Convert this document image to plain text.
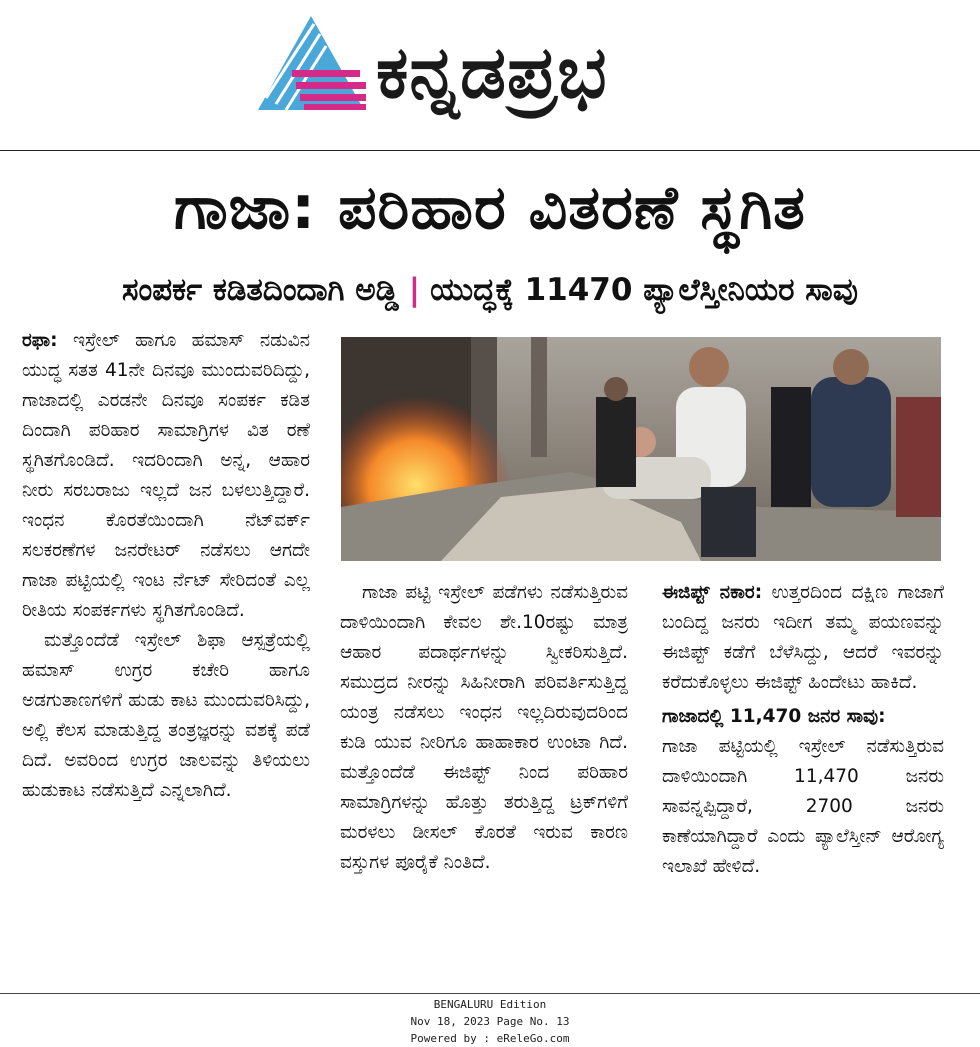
ಕನ್ನಡಪ್ರಭ
ಗಾಜಾ: ಪರಿಹಾರ ವಿತರಣೆ ಸ್ಥಗಿತ
ಸಂಪರ್ಕ ಕಡಿತದಿಂದಾಗಿ ಅಡ್ಡಿ | ಯುದ್ಧಕ್ಕೆ 11470 ಪ್ಯಾಲೆಸ್ತೀನಿಯರ ಸಾವು

ರಫಾ: ಇಸ್ರೇಲ್ ಹಾಗೂ ಹಮಾಸ್ ನಡುವಿನ ಯುದ್ಧ ಸತತ 41ನೇ ದಿನವೂ ಮುಂದುವರಿದಿದ್ದು, ಗಾಜಾದಲ್ಲಿ ಎರಡನೇ ದಿನವೂ ಸಂಪರ್ಕ ಕಡಿತ ದಿಂದಾಗಿ ಪರಿಹಾರ ಸಾಮಾಗ್ರಿಗಳ ವಿತ ರಣೆ ಸ್ಥಗಿತಗೊಂಡಿದೆ. ಇದರಿಂದಾಗಿ ಅನ್ನ, ಆಹಾರ ನೀರು ಸರಬರಾಜು ಇಲ್ಲದೆ ಜನ ಬಳಲುತ್ತಿದ್ದಾರೆ. ಇಂಧನ ಕೊರತೆಯಿಂದಾಗಿ ನೆಟ್‌ವರ್ಕ್ ಸಲಕರಣೆಗಳ ಜನರೇಟರ್ ನಡೆಸಲು ಆಗದೇ ಗಾಜಾ ಪಟ್ಟಿಯಲ್ಲಿ ಇಂಟ ರ್ನೆಟ್ ಸೇರಿದಂತೆ ಎಲ್ಲ ರೀತಿಯ ಸಂಪರ್ಕಗಳು ಸ್ಥಗಿತಗೊಂಡಿದೆ.

ಮತ್ತೊಂದೆಡೆ ಇಸ್ರೇಲ್ ಶಿಫಾ ಆಸ್ಪತ್ರೆಯಲ್ಲಿ ಹಮಾಸ್ ಉಗ್ರರ ಕಚೇರಿ ಹಾಗೂ ಅಡಗುತಾಣಗಳಿಗೆ ಹುಡು ಕಾಟ ಮುಂದುವರಿಸಿದ್ದು, ಅಲ್ಲಿ ಕೆಲಸ ಮಾಡುತ್ತಿದ್ದ ತಂತ್ರಜ್ಞರನ್ನು ವಶಕ್ಕೆ ಪಡೆ ದಿದೆ. ಅವರಿಂದ ಉಗ್ರರ ಜಾಲವನ್ನು ತಿಳಿಯಲು ಹುಡುಕಾಟ ನಡೆಸುತ್ತಿದೆ ಎನ್ನಲಾಗಿದೆ.

ಗಾಜಾ ಪಟ್ಟಿ ಇಸ್ರೇಲ್ ಪಡೆಗಳು ನಡೆಸುತ್ತಿರುವ ದಾಳಿಯಿಂದಾಗಿ ಕೇವಲ ಶೇ.10ರಷ್ಟು ಮಾತ್ರ ಆಹಾರ ಪದಾರ್ಥಗಳನ್ನು ಸ್ವೀಕರಿಸುತ್ತಿದೆ. ಸಮುದ್ರದ ನೀರನ್ನು ಸಿಹಿನೀರಾಗಿ ಪರಿವರ್ತಿಸುತ್ತಿದ್ದ ಯಂತ್ರ ನಡೆಸಲು ಇಂಧನ ಇಲ್ಲದಿರುವುದರಿಂದ ಕುಡಿ ಯುವ ನೀರಿಗೂ ಹಾಹಾಕಾರ ಉಂಟಾ ಗಿದೆ. ಮತ್ತೊಂದೆಡೆ ಈಜಿಪ್ಟ್ ನಿಂದ ಪರಿಹಾರ ಸಾಮಾಗ್ರಿಗಳನ್ನು ಹೊತ್ತು ತರುತ್ತಿದ್ದ ಟ್ರಕ್‌ಗಳಿಗೆ ಮರಳಲು ಡೀಸಲ್ ಕೊರತೆ ಇರುವ ಕಾರಣ ವಸ್ತುಗಳ ಪೂರೈಕೆ ನಿಂತಿದೆ.

ಈಜಿಪ್ಟ್ ನಕಾರ: ಉತ್ತರದಿಂದ ದಕ್ಷಿಣ ಗಾಜಾಗೆ ಬಂದಿದ್ದ ಜನರು ಇದೀಗ ತಮ್ಮ ಪಯಣವನ್ನು ಈಜಿಪ್ಟ್ ಕಡೆಗೆ ಬೆಳೆಸಿದ್ದು, ಆದರೆ ಇವರನ್ನು ಕರೆದುಕೊಳ್ಳಲು ಈಜಿಪ್ಟ್ ಹಿಂದೇಟು ಹಾಕಿದೆ.

ಗಾಜಾದಲ್ಲಿ 11,470 ಜನರ ಸಾವು:

ಗಾಜಾ ಪಟ್ಟಿಯಲ್ಲಿ ಇಸ್ರೇಲ್ ನಡೆಸುತ್ತಿರುವ ದಾಳಿಯಿಂದಾಗಿ 11,470 ಜನರು ಸಾವನ್ನಪ್ಪಿದ್ದಾರೆ, 2700 ಜನರು ಕಾಣೆಯಾಗಿದ್ದಾರೆ ಎಂದು ಪ್ಯಾಲೆಸ್ತೀನ್ ಆರೋಗ್ಯ ಇಲಾಖೆ ಹೇಳಿದೆ.

BENGALURU Edition
Nov 18, 2023 Page No. 13
Powered by : eReleGo.com
